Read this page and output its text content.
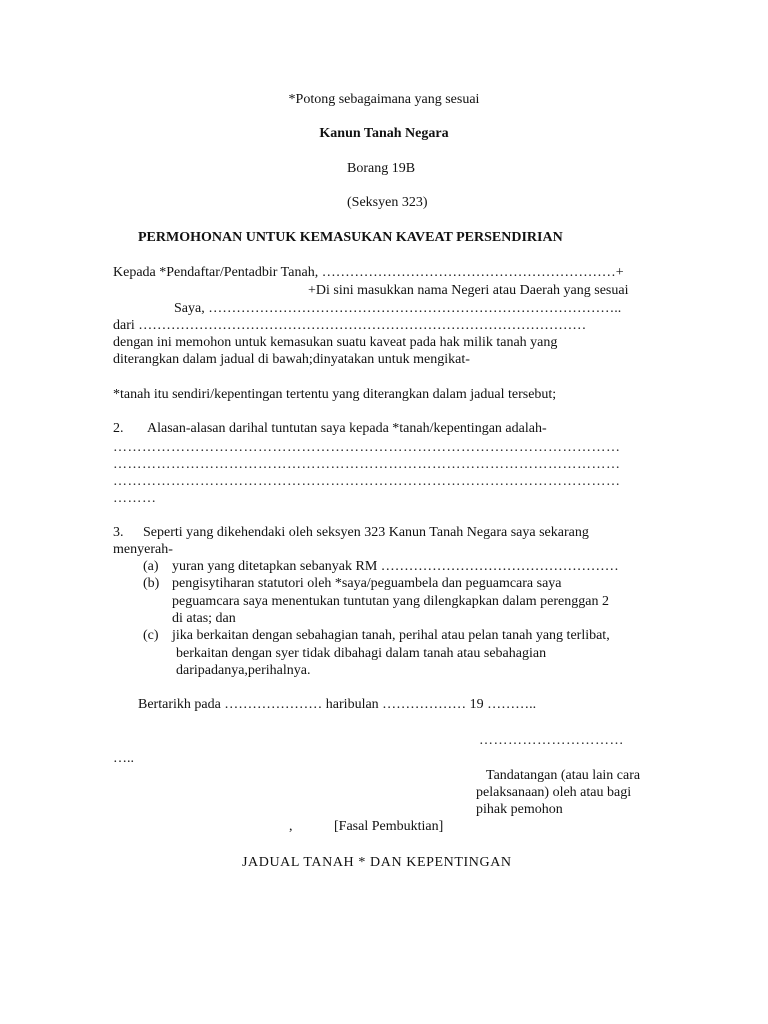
*Potong sebagaimana yang sesuai
Kanun Tanah Negara
Borang 19B
(Seksyen 323)
PERMOHONAN UNTUK KEMASUKAN KAVEAT PERSENDIRIAN
Kepada *Pendaftar/Pentadbir Tanah, ………………………………………………………+
+Di sini masukkan nama Negeri atau Daerah yang sesuai
Saya, ……………………………………………………………………………..
dari ……………………………………………………………………………………
dengan ini memohon untuk kemasukan suatu kaveat pada hak milik tanah yang
diterangkan dalam jadual di bawah;dinyatakan untuk mengikat-
*tanah itu sendiri/kepentingan tertentu yang diterangkan dalam jadual tersebut;
2. Alasan-alasan darihal tuntutan saya kepada *tanah/kepentingan adalah-
……………………………………………………………………………………………
……………………………………………………………………………………………
……………………………………………………………………………………………
………
3. Seperti yang dikehendaki oleh seksyen 323 Kanun Tanah Negara saya sekarang
menyerah-
(a) yuran yang ditetapkan sebanyak RM ……………………………………………
(b) pengisytiharan statutori oleh *saya/peguambela dan peguamcara saya
peguamcara saya menentukan tuntutan yang dilengkapkan dalam perenggan 2
di atas; dan
(c) jika berkaitan dengan sebahagian tanah, perihal atau pelan tanah yang terlibat,
berkaitan dengan syer tidak dibahagi dalam tanah atau sebahagian
daripadanya,perihalnya.
Bertarikh pada ………………… haribulan ……………… 19 ………..
…………………………
…..
Tandatangan (atau lain cara
pelaksanaan) oleh atau bagi
pihak pemohon
,	[Fasal Pembuktian]
JADUAL TANAH * DAN KEPENTINGAN
